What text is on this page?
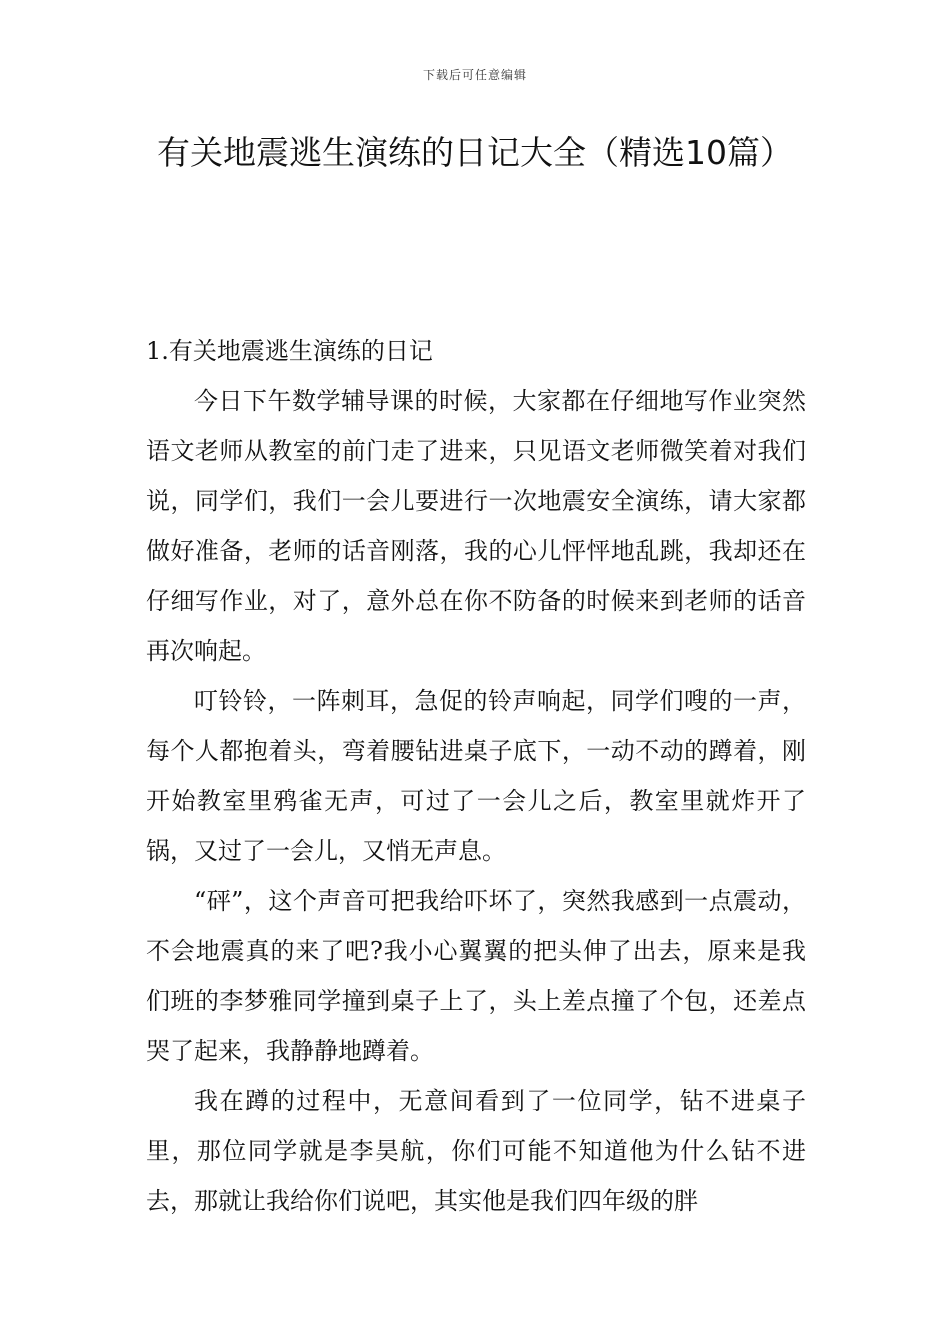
下载后可任意编辑
有关地震逃生演练的日记大全（精选10篇）

1.有关地震逃生演练的日记

今日下午数学辅导课的时候，大家都在仔细地写作业突然语文老师从教室的前门走了进来，只见语文老师微笑着对我们说，同学们，我们一会儿要进行一次地震安全演练，请大家都做好准备，老师的话音刚落，我的心儿怦怦地乱跳，我却还在仔细写作业，对了，意外总在你不防备的时候来到老师的话音再次响起。

叮铃铃，一阵刺耳，急促的铃声响起，同学们嗖的一声，每个人都抱着头，弯着腰钻进桌子底下，一动不动的蹲着，刚开始教室里鸦雀无声，可过了一会儿之后，教室里就炸开了锅，又过了一会儿，又悄无声息。

“砰”，这个声音可把我给吓坏了，突然我感到一点震动，不会地震真的来了吧?我小心翼翼的把头伸了出去，原来是我们班的李梦雅同学撞到桌子上了，头上差点撞了个包，还差点哭了起来，我静静地蹲着。

我在蹲的过程中，无意间看到了一位同学，钻不进桌子里，那位同学就是李昊航，你们可能不知道他为什么钻不进去，那就让我给你们说吧，其实他是我们四年级的胖
